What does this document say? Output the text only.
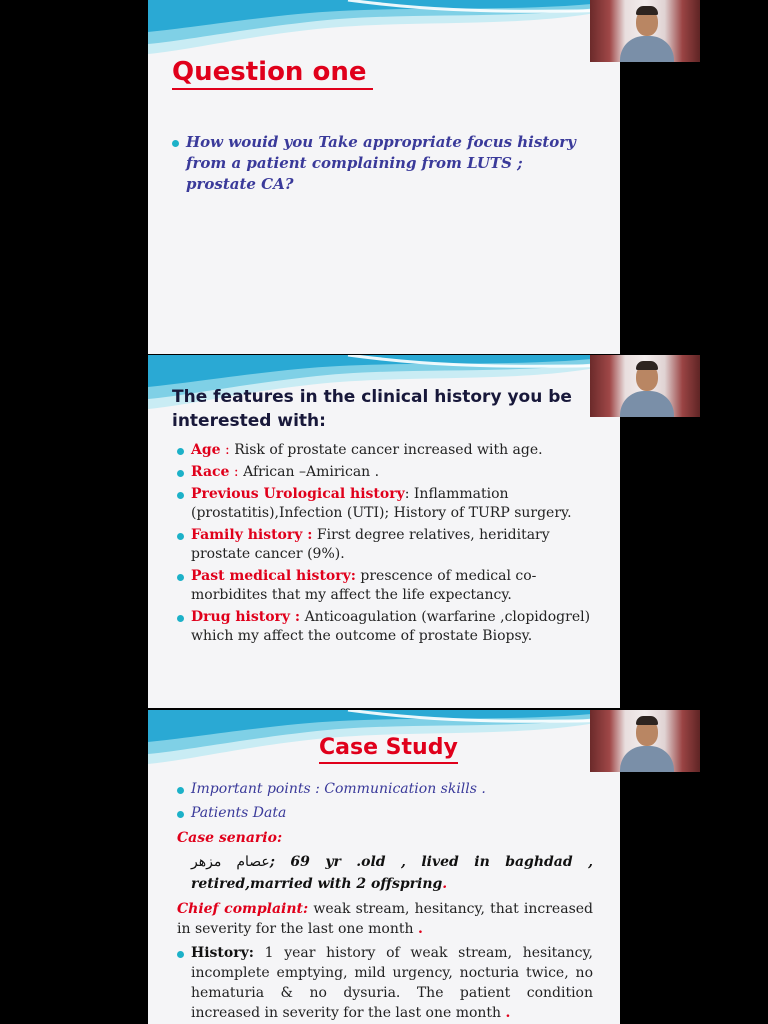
Question one
How wouid you Take appropriate focus history from a patient complaining from LUTS ; prostate CA?
The features in the clinical history you be interested with:
Age : Risk of prostate cancer increased with age.
Race : African –Amirican .
Previous Urological history: Inflammation (prostatitis),Infection (UTI); History of TURP surgery.
Family history : First degree relatives, heriditary prostate cancer (9%).
Past medical history: prescence of medical co-morbidites that my affect the life expectancy.
Drug history : Anticoagulation (warfarine ,clopidogrel) which my affect the outcome of prostate Biopsy.
Case Study
Important points : Communication skills .
Patients Data
Case senario:
عصام مزهر; 69 yr .old , lived in baghdad ,
retired,married with 2 offspring.
Chief complaint: weak stream, hesitancy, that increased in severity for the last one month .
History: 1 year history of weak stream, hesitancy, incomplete emptying, mild urgency, nocturia twice, no hematuria & no dysuria. The patient condition increased in severity for the last one month .
